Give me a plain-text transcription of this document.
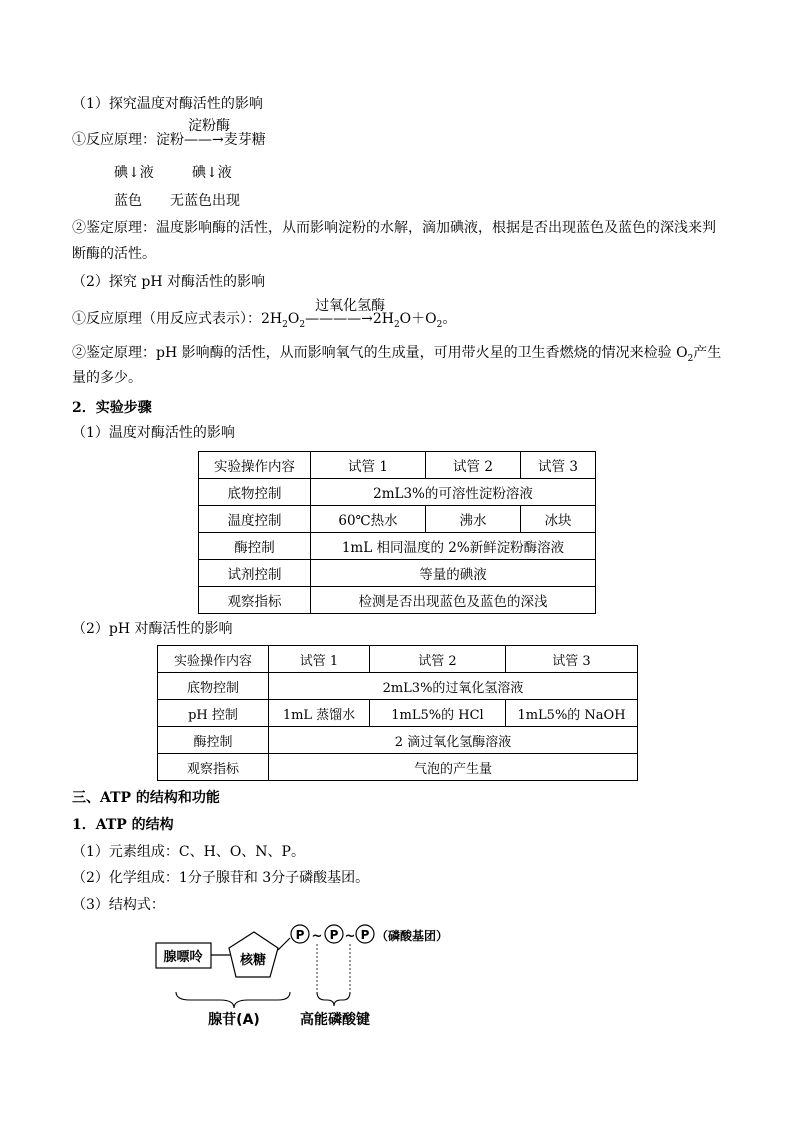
（1）探究温度对酶活性的影响
①反应原理：淀粉
淀粉酶
——→麦芽糖
碘↓液	碘↓液
蓝色 无蓝色出现
②鉴定原理：温度影响酶的活性，从而影响淀粉的水解，滴加碘液，根据是否出现蓝色及蓝色的深浅来判
断酶的活性。
（2）探究 pH 对酶活性的影响
①反应原理（用反应式表示）：$2H_2O_2$
过氧化氢酶
$————\to 2H_2O+O_2$。
②鉴定原理：pH 影响酶的活性，从而影响氧气的生成量，可用带火星的卫生香燃烧的情况来检验 $O_2$产生
量的多少。
2．实验步骤
（1）温度对酶活性的影响
实验操作内容	试管 1	试管 2	试管 3
底物控制	2mL3%的可溶性淀粉溶液		
温度控制	60℃热水	沸水	冰块
酶控制	1mL 相同温度的 2%新鲜淀粉酶溶液		
试剂控制	等量的碘液		
观察指标	检测是否出现蓝色及蓝色的深浅		
（2）pH 对酶活性的影响
实验操作内容	试管 1	试管 2	试管 3
底物控制	2mL3%的过氧化氢溶液		
pH 控制	1mL 蒸馏水	1mL5%的 HCl	1mL5%的 NaOH
酶控制	2 滴过氧化氢酶溶液		
观察指标	气泡的产生量		
三、ATP 的结构和功能
1．ATP 的结构
（1）元素组成：C、H、O、N、P。
（2）化学组成：1分子腺苷和 3分子磷酸基团。
（3）结构式：
腺嘌呤	核糖
P ~ P ~ P （磷酸基团）
腺苷(A)	高能磷酸键
